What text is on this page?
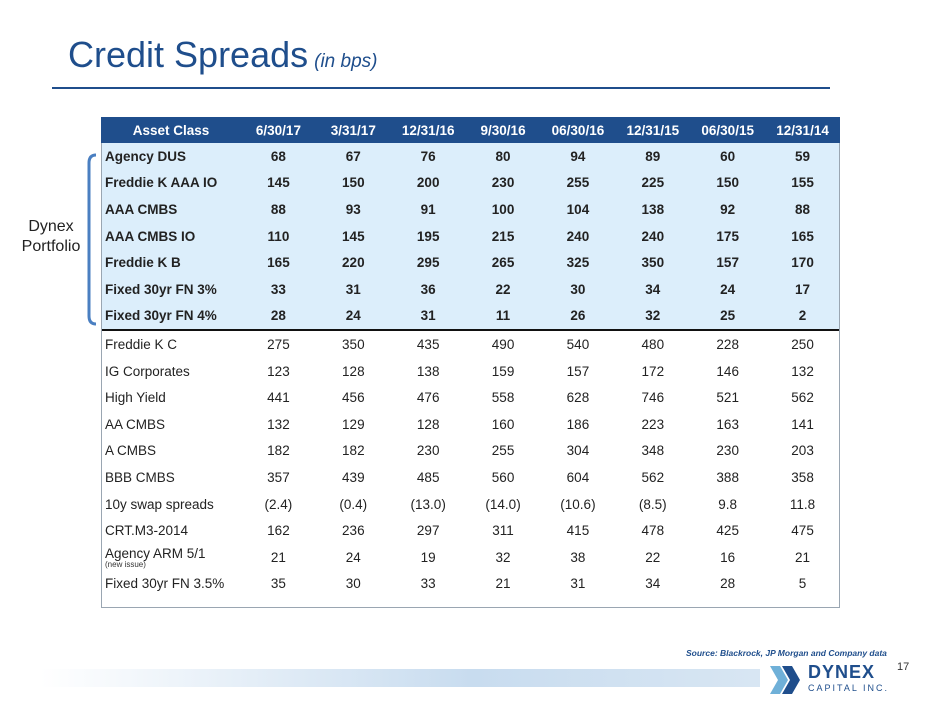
Credit Spreads (in bps)
Dynex
Portfolio
Asset Class	6/30/17	3/31/17	12/31/16	9/30/16	06/30/16	12/31/15	06/30/15	12/31/14
Agency DUS	68	67	76	80	94	89	60	59
Freddie K AAA IO	145	150	200	230	255	225	150	155
AAA CMBS	88	93	91	100	104	138	92	88
AAA CMBS IO	110	145	195	215	240	240	175	165
Freddie K B	165	220	295	265	325	350	157	170
Fixed 30yr FN 3%	33	31	36	22	30	34	24	17
Fixed 30yr FN 4%	28	24	31	11	26	32	25	2
Freddie K C	275	350	435	490	540	480	228	250
IG Corporates	123	128	138	159	157	172	146	132
High Yield	441	456	476	558	628	746	521	562
AA CMBS	132	129	128	160	186	223	163	141
A CMBS	182	182	230	255	304	348	230	203
BBB CMBS	357	439	485	560	604	562	388	358
10y swap spreads	(2.4)	(0.4)	(13.0)	(14.0)	(10.6)	(8.5)	9.8	11.8
CRT.M3-2014	162	236	297	311	415	478	425	475
Agency ARM 5/1
(new issue)	21	24	19	32	38	22	16	21
Fixed 30yr FN 3.5%	35	30	33	21	31	34	28	5
Source: Blackrock, JP Morgan and Company data
17
DYNEX
CAPITAL INC.
